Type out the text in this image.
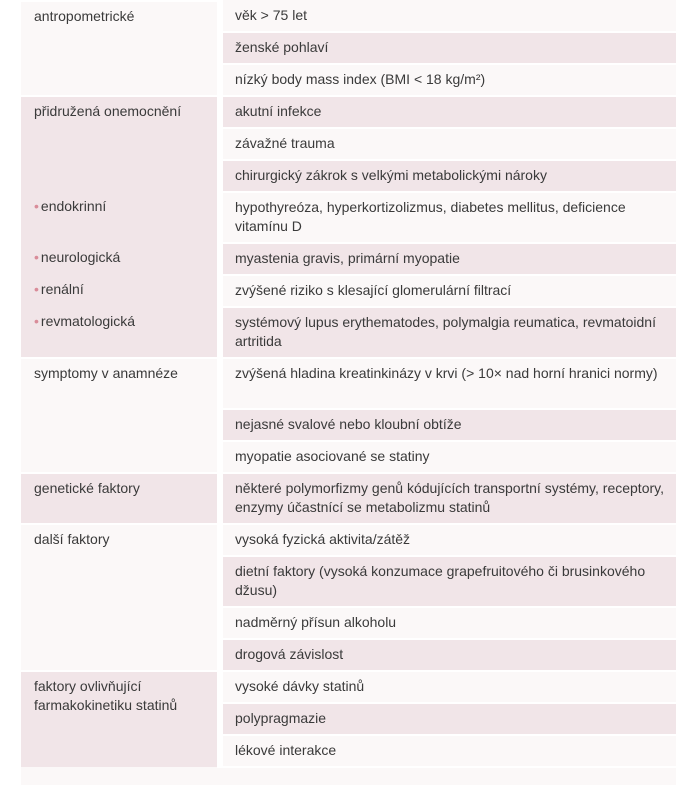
antropometrické	věk > 75 let
	ženské pohlaví
	nízký body mass index (BMI < 18 kg/m²)
přidružená onemocnění	akutní infekce
	závažné trauma
	chirurgický zákrok s velkými metabolickými nároky
• endokrinní	hypothyreóza, hyperkortizolizmus, diabetes mellitus, deficience vitamínu D
• neurologická	myastenia gravis, primární myopatie
• renální	zvýšené riziko s klesající glomerulární filtrací
• revmatologická	systémový lupus erythematodes, polymalgia reumatica, revmatoidní artritida
symptomy v anamnéze	zvýšená hladina kreatinkinázy v krvi (> 10× nad horní hranici normy)
	nejasné svalové nebo kloubní obtíže
	myopatie asociované se statiny
genetické faktory	některé polymorfizmy genů kódujících transportní systémy, receptory, enzymy účastnící se metabolizmu statinů
další faktory	vysoká fyzická aktivita/zátěž
	dietní faktory (vysoká konzumace grapefruitového či brusinkového džusu)
	nadměrný přísun alkoholu
	drogová závislost
faktory ovlivňující farmakokinetiku statinů	vysoké dávky statinů
	polypragmazie
	lékové interakce
